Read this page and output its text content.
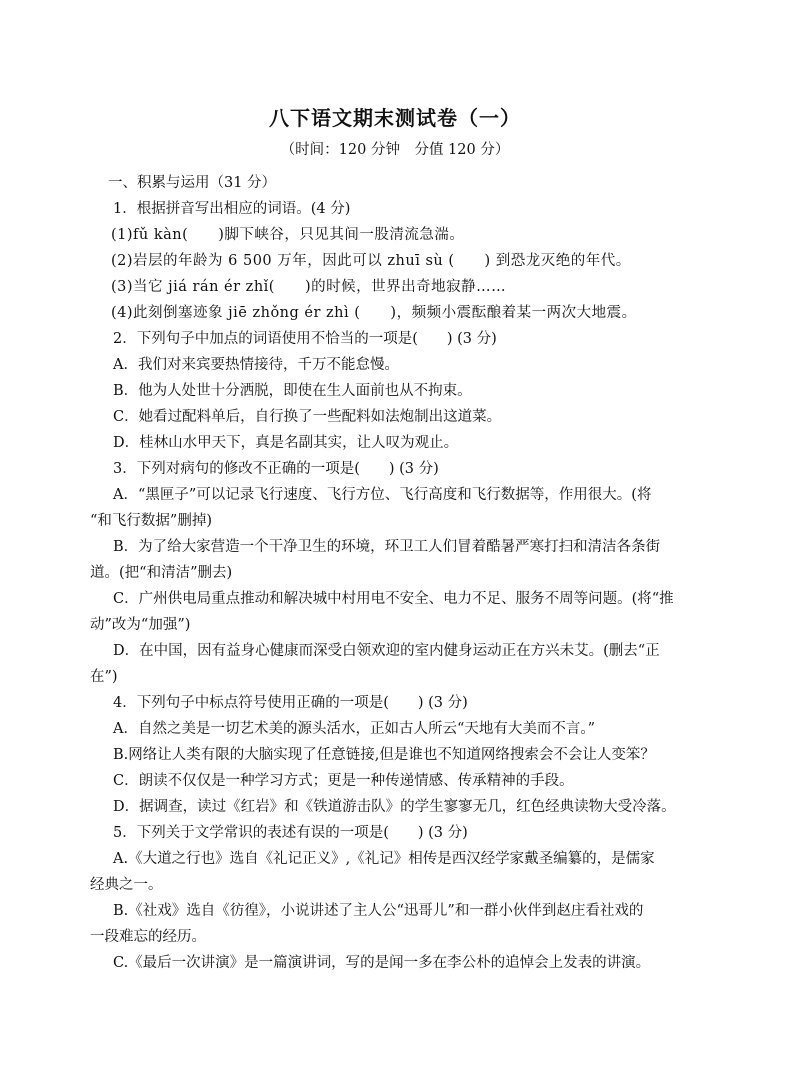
八下语文期末测试卷（一）
（时间：120 分钟　分值 120 分）
一、积累与运用（31 分）
1．根据拼音写出相应的词语。(4 分)
(1)fǔ kàn(　　)脚下峡谷，只见其间一股清流急湍。
(2)岩层的年龄为 6 500 万年，因此可以 zhuī sù (　　) 到恐龙灭绝的年代。
(3)当它 jiá rán ér zhǐ(　　)的时候，世界出奇地寂静……
(4)此刻倒塞迹象 jiē zhǒng ér zhì (　　)，频频小震酝酿着某一两次大地震。
2．下列句子中加点的词语使用不恰当的一项是(　　) (3 分)
A．我们对来宾要热情接待，千万不能怠慢。
B．他为人处世十分洒脱，即使在生人面前也从不拘束。
C．她看过配料单后，自行换了一些配料如法炮制出这道菜。
D．桂林山水甲天下，真是名副其实，让人叹为观止。
3．下列对病句的修改不正确的一项是(　　) (3 分)
A．“黑匣子”可以记录飞行速度、飞行方位、飞行高度和飞行数据等，作用很大。(将
“和飞行数据”删掉)
B．为了给大家营造一个干净卫生的环境，环卫工人们冒着酷暑严寒打扫和清洁各条街
道。(把“和清洁”删去)
C．广州供电局重点推动和解决城中村用电不安全、电力不足、服务不周等问题。(将“推
动”改为“加强”)
D．在中国，因有益身心健康而深受白领欢迎的室内健身运动正在方兴未艾。(删去“正
在”)
4．下列句子中标点符号使用正确的一项是(　　) (3 分)
A．自然之美是一切艺术美的源头活水，正如古人所云“天地有大美而不言。”
B.网络让人类有限的大脑实现了任意链接,但是谁也不知道网络搜索会不会让人变笨？
C．朗读不仅仅是一种学习方式；更是一种传递情感、传承精神的手段。
D．据调查，读过《红岩》和《铁道游击队》的学生寥寥无几，红色经典读物大受冷落。
5．下列关于文学常识的表述有误的一项是(　　) (3 分)
A.《大道之行也》选自《礼记正义》,《礼记》相传是西汉经学家戴圣编纂的，是儒家
经典之一。
B.《社戏》选自《彷徨》，小说讲述了主人公“迅哥儿”和一群小伙伴到赵庄看社戏的
一段难忘的经历。
C.《最后一次讲演》是一篇演讲词，写的是闻一多在李公朴的追悼会上发表的讲演。
